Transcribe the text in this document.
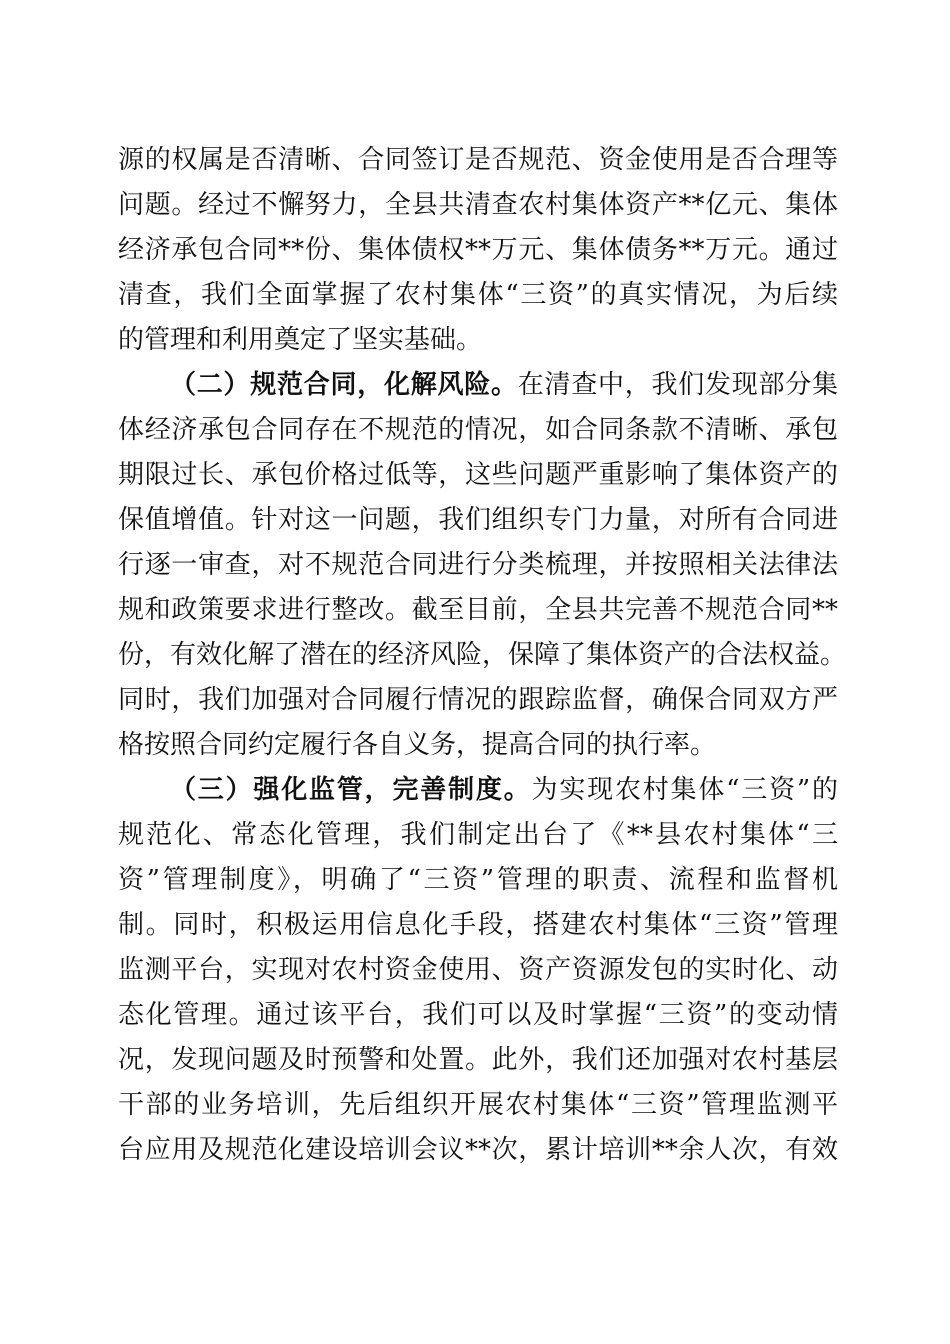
源的权属是否清晰、合同签订是否规范、资金使用是否合理等
问题。经过不懈努力，全县共清查农村集体资产**亿元、集体
经济承包合同**份、集体债权**万元、集体债务**万元。通过
清查，我们全面掌握了农村集体“三资”的真实情况，为后续
的管理和利用奠定了坚实基础。
（二）规范合同，化解风险。在清查中，我们发现部分集
体经济承包合同存在不规范的情况，如合同条款不清晰、承包
期限过长、承包价格过低等，这些问题严重影响了集体资产的
保值增值。针对这一问题，我们组织专门力量，对所有合同进
行逐一审查，对不规范合同进行分类梳理，并按照相关法律法
规和政策要求进行整改。截至目前，全县共完善不规范合同**
份，有效化解了潜在的经济风险，保障了集体资产的合法权益。
同时，我们加强对合同履行情况的跟踪监督，确保合同双方严
格按照合同约定履行各自义务，提高合同的执行率。
（三）强化监管，完善制度。为实现农村集体“三资”的
规范化、常态化管理，我们制定出台了《**县农村集体“三
资”管理制度》，明确了“三资”管理的职责、流程和监督机
制。同时，积极运用信息化手段，搭建农村集体“三资”管理
监测平台，实现对农村资金使用、资产资源发包的实时化、动
态化管理。通过该平台，我们可以及时掌握“三资”的变动情
况，发现问题及时预警和处置。此外，我们还加强对农村基层
干部的业务培训，先后组织开展农村集体“三资”管理监测平
台应用及规范化建设培训会议**次，累计培训**余人次，有效
